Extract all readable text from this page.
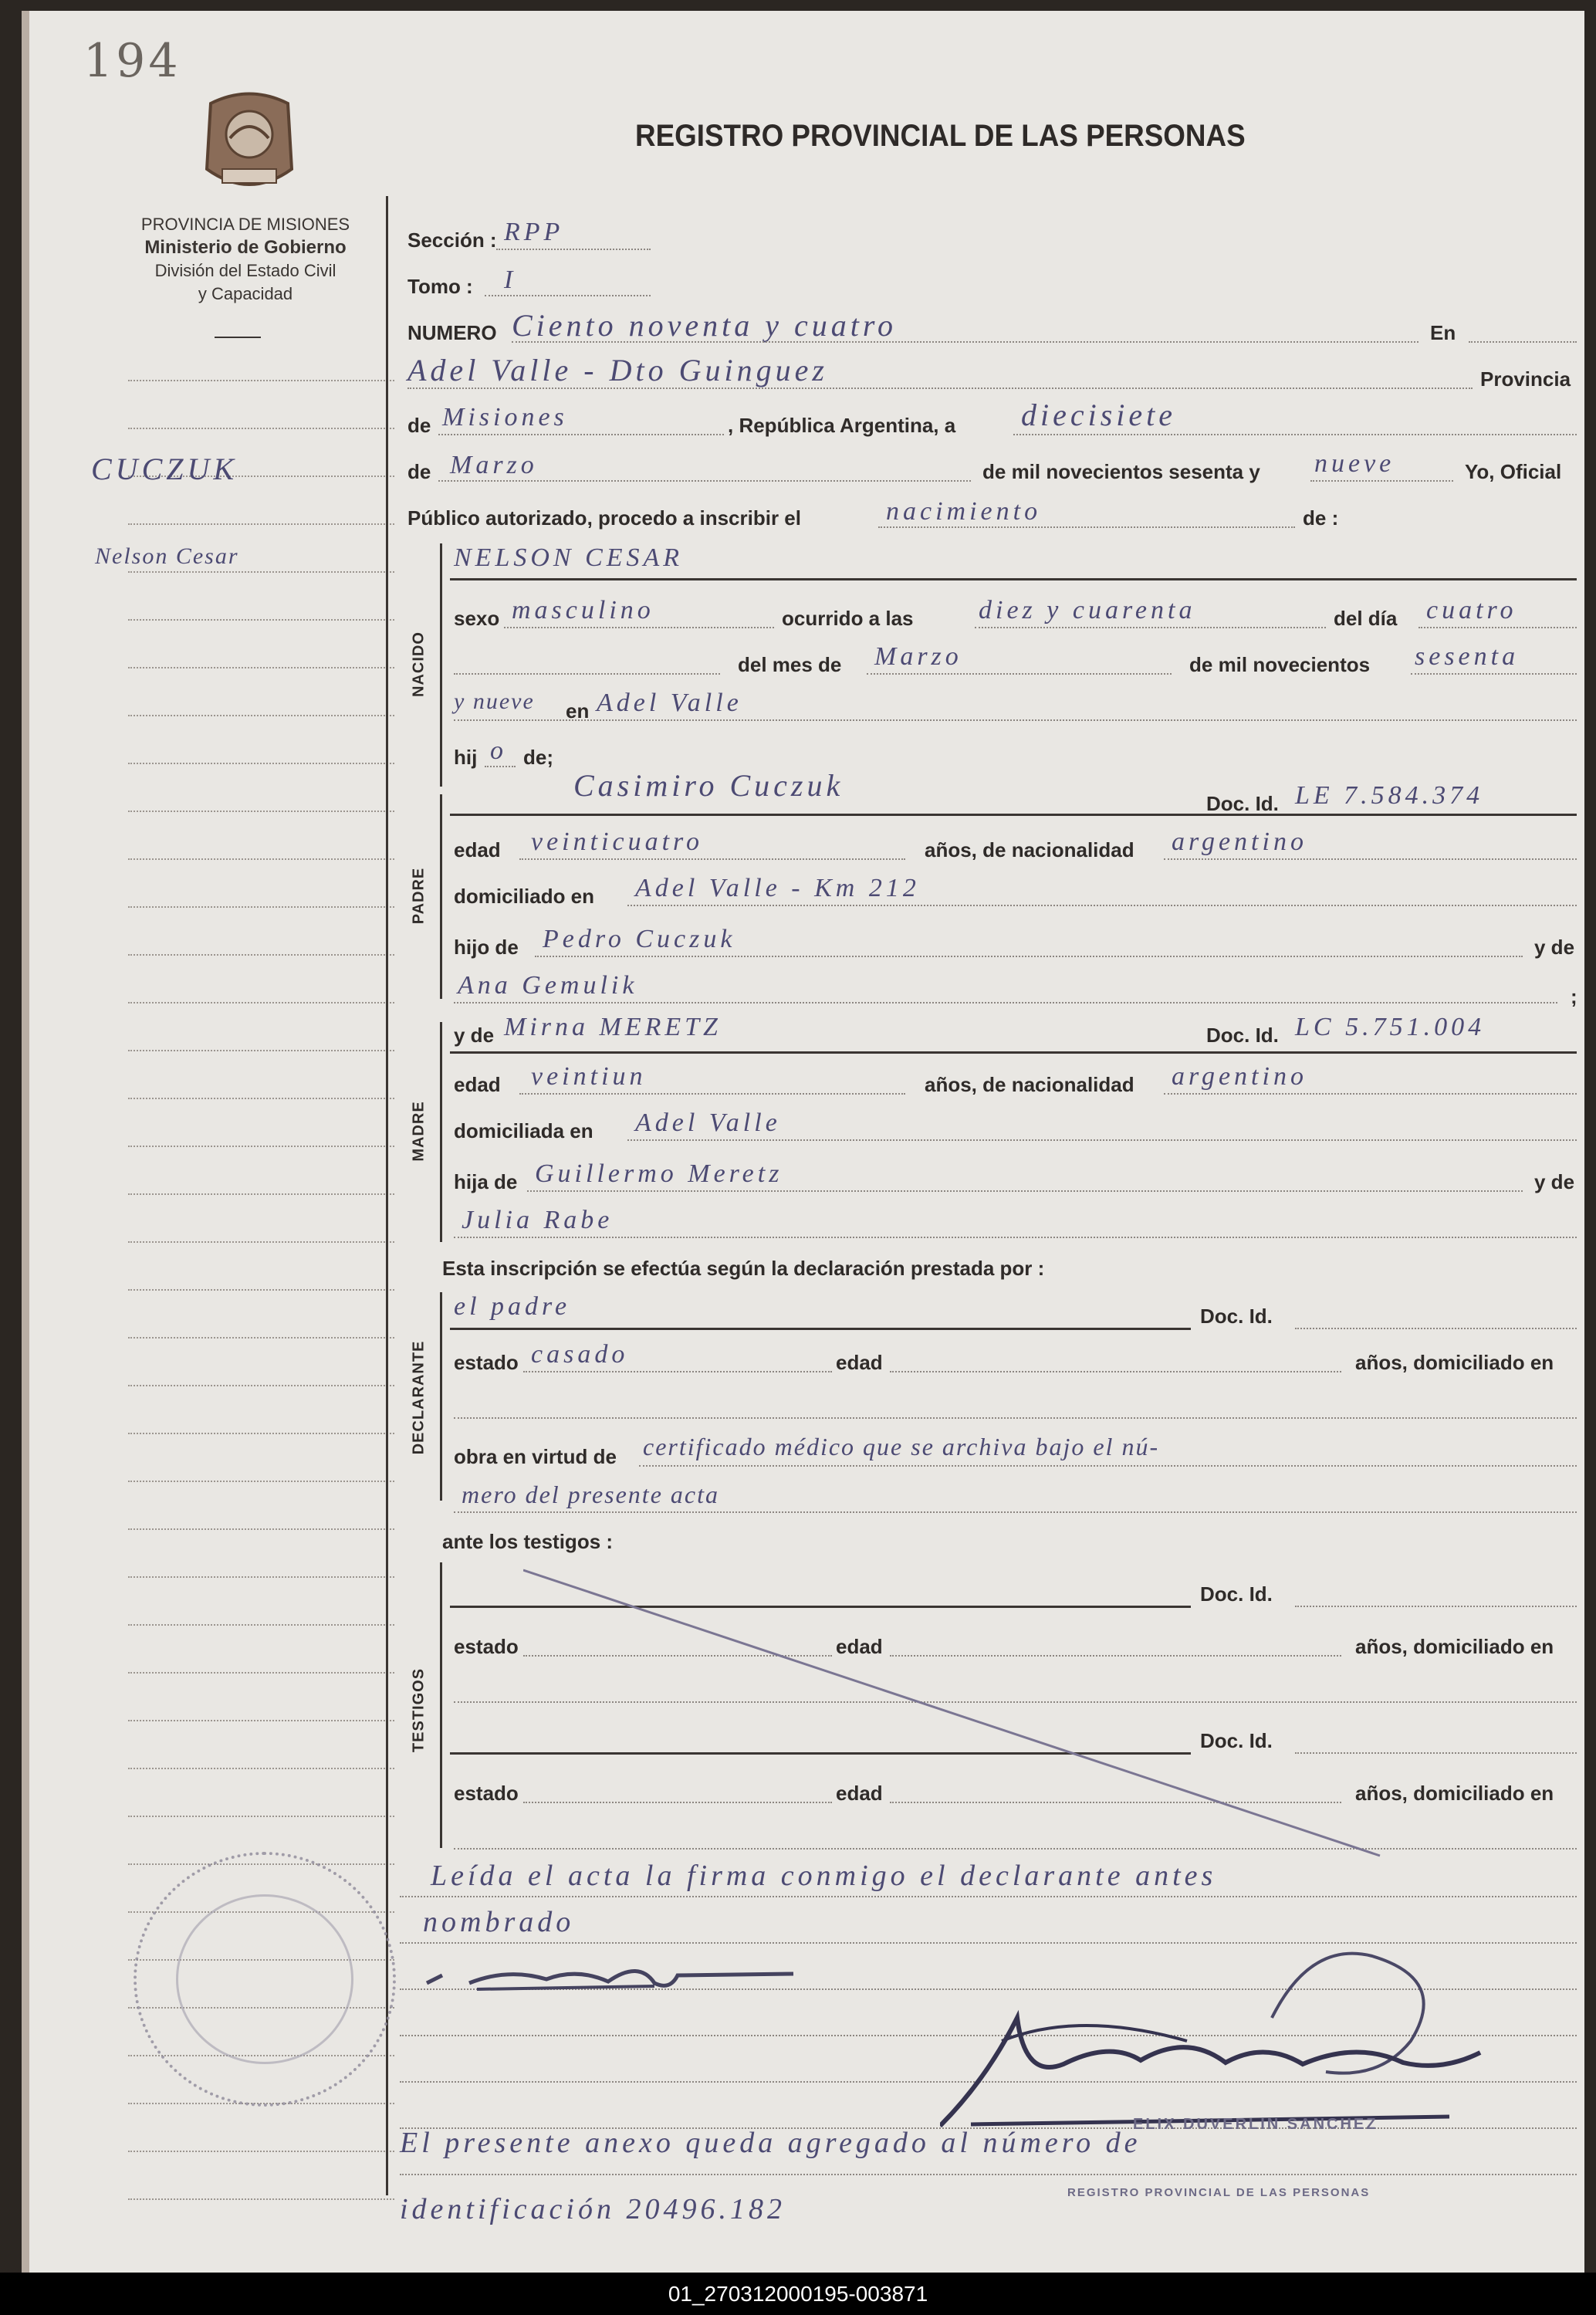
194
REGISTRO PROVINCIAL DE LAS PERSONAS
PROVINCIA DE MISIONES
Ministerio de Gobierno
División del Estado Civil
y Capacidad
CUCZUK
Nelson Cesar
Sección : RPP
Tomo : I
NUMERO Ciento noventa y cuatro	En
Adel Valle - Dto Guinguez	Provincia
de Misiones	, República Argentina, a diecisiete
de Marzo	de mil novecientos sesenta y nueve	Yo, Oficial
Público autorizado, procedo a inscribir el	nacimiento	de :
NACIDO
NELSON CESAR
sexo masculino	ocurrido a las diez y cuarenta	del día cuatro
del mes de Marzo	de mil novecientos sesenta
y nueve en Adel Valle
hij o de;
PADRE
Casimiro Cuczuk
Doc. Id. LE 7.584.374
edad veinticuatro	años, de nacionalidad argentino
domiciliado en Adel Valle - Km 212
hijo de Pedro Cuczuk	y de
Ana Gemulik	;
MADRE
y de Mirna MERETZ	Doc. Id. LC 5.751.004
edad veintiun	años, de nacionalidad argentino
domiciliada en Adel Valle
hija de Guillermo Meretz	y de
Julia Rabe
Esta inscripción se efectúa según la declaración prestada por :
DECLARANTE
el padre	Doc. Id.
estado casado	edad	años, domiciliado en
obra en virtud de certificado médico que se archiva bajo el nú-
mero del presente acta
ante los testigos :
TESTIGOS
Doc. Id.
estado	edad	años, domiciliado en
Doc. Id.
estado	edad	años, domiciliado en
Leída el acta la firma conmigo el declarante antes
nombrado
ELIX DUVERLIN SANCHEZ
REGISTRO PROVINCIAL DE LAS PERSONAS
El presente anexo queda agregado al número de
identificación 20496.182
01_270312000195-003871
